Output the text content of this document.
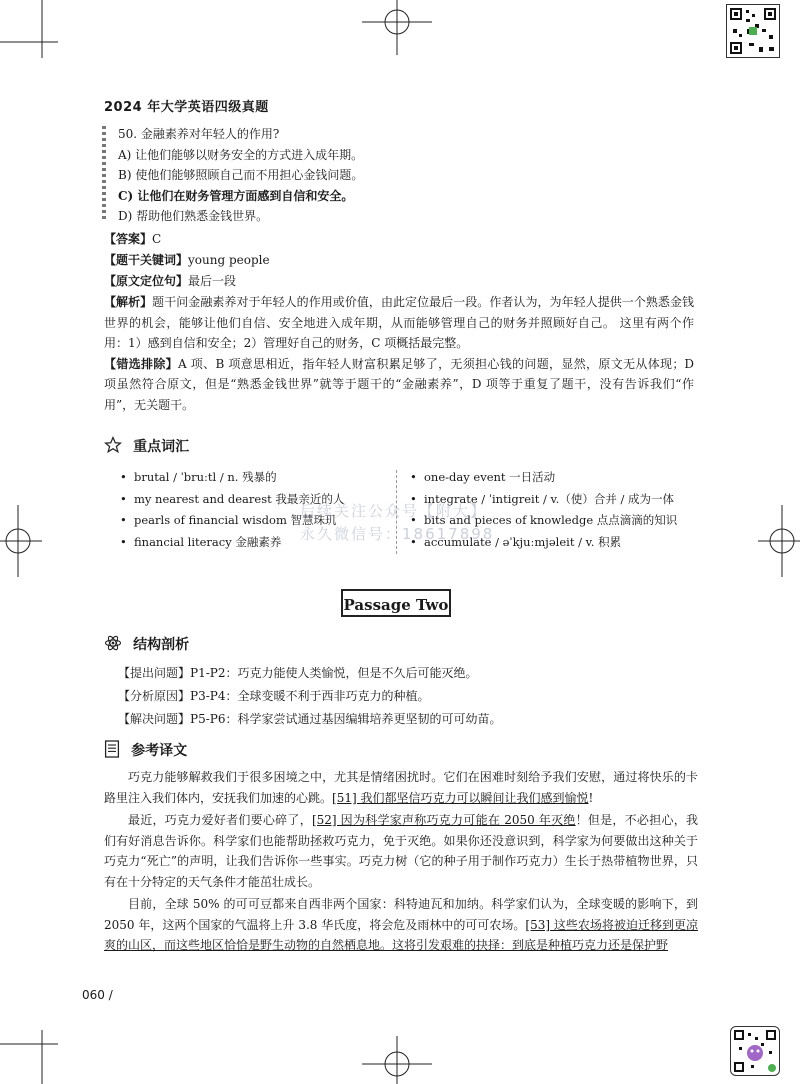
2024 年大学英语四级真题
50. 金融素养对年轻人的作用?
A) 让他们能够以财务安全的方式进入成年期。
B) 使他们能够照顾自己而不用担心金钱问题。
C) 让他们在财务管理方面感到自信和安全。
D) 帮助他们熟悉金钱世界。
【答案】C
【题干关键词】young people
【原文定位句】最后一段
【解析】题干问金融素养对于年轻人的作用或价值，由此定位最后一段。作者认为，为年轻人提供一个熟悉金钱世界的机会，能够让他们自信、安全地进入成年期，从而能够管理自己的财务并照顾好自己。 这里有两个作用：1）感到自信和安全；2）管理好自己的财务，C 项概括最完整。
【错选排除】A 项、B 项意思相近，指年轻人财富积累足够了，无须担心钱的问题，显然，原文无从体现；D 项虽然符合原文，但是“熟悉金钱世界”就等于题干的“金融素养”，D 项等于重复了题干，没有告诉我们“作用”，无关题干。
重点词汇
• brutal / ˈbruːtl / n. 残暴的
• my nearest and dearest 我最亲近的人
• pearls of financial wisdom 智慧珠玑
• financial literacy 金融素养
• one-day event 一日活动
• integrate / ˈintigreit / v.（使）合并 / 成为一体
• bits and pieces of knowledge 点点滴滴的知识
• accumulate / əˈkjuːmjəleit / v. 积累
后续关注公众号【附大】
永久微信号：18617898
Passage Two
结构剖析
【提出问题】P1-P2：巧克力能使人类愉悦，但是不久后可能灭绝。
【分析原因】P3-P4：全球变暖不利于西非巧克力的种植。
【解决问题】P5-P6：科学家尝试通过基因编辑培养更坚韧的可可幼苗。
参考译文
巧克力能够解救我们于很多困境之中，尤其是情绪困扰时。它们在困难时刻给予我们安慰，通过将快乐的卡路里注入我们体内，安抚我们加速的心跳。[51] 我们都坚信巧克力可以瞬间让我们感到愉悦!
最近，巧克力爱好者们要心碎了，[52] 因为科学家声称巧克力可能在 2050 年灭绝！但是，不必担心，我们有好消息告诉你。科学家们也能帮助拯救巧克力，免于灭绝。如果你还没意识到，科学家为何要做出这种关于巧克力“死亡”的声明，让我们告诉你一些事实。巧克力树（它的种子用于制作巧克力）生长于热带植物世界，只有在十分特定的天气条件才能茁壮成长。
目前，全球 50% 的可可豆都来自西非两个国家：科特迪瓦和加纳。科学家们认为，全球变暖的影响下，到 2050 年，这两个国家的气温将上升 3.8 华氏度，将会危及雨林中的可可农场。[53] 这些农场将被迫迁移到更凉爽的山区，而这些地区恰恰是野生动物的自然栖息地。这将引发艰难的抉择：到底是种植巧克力还是保护野
060 /
